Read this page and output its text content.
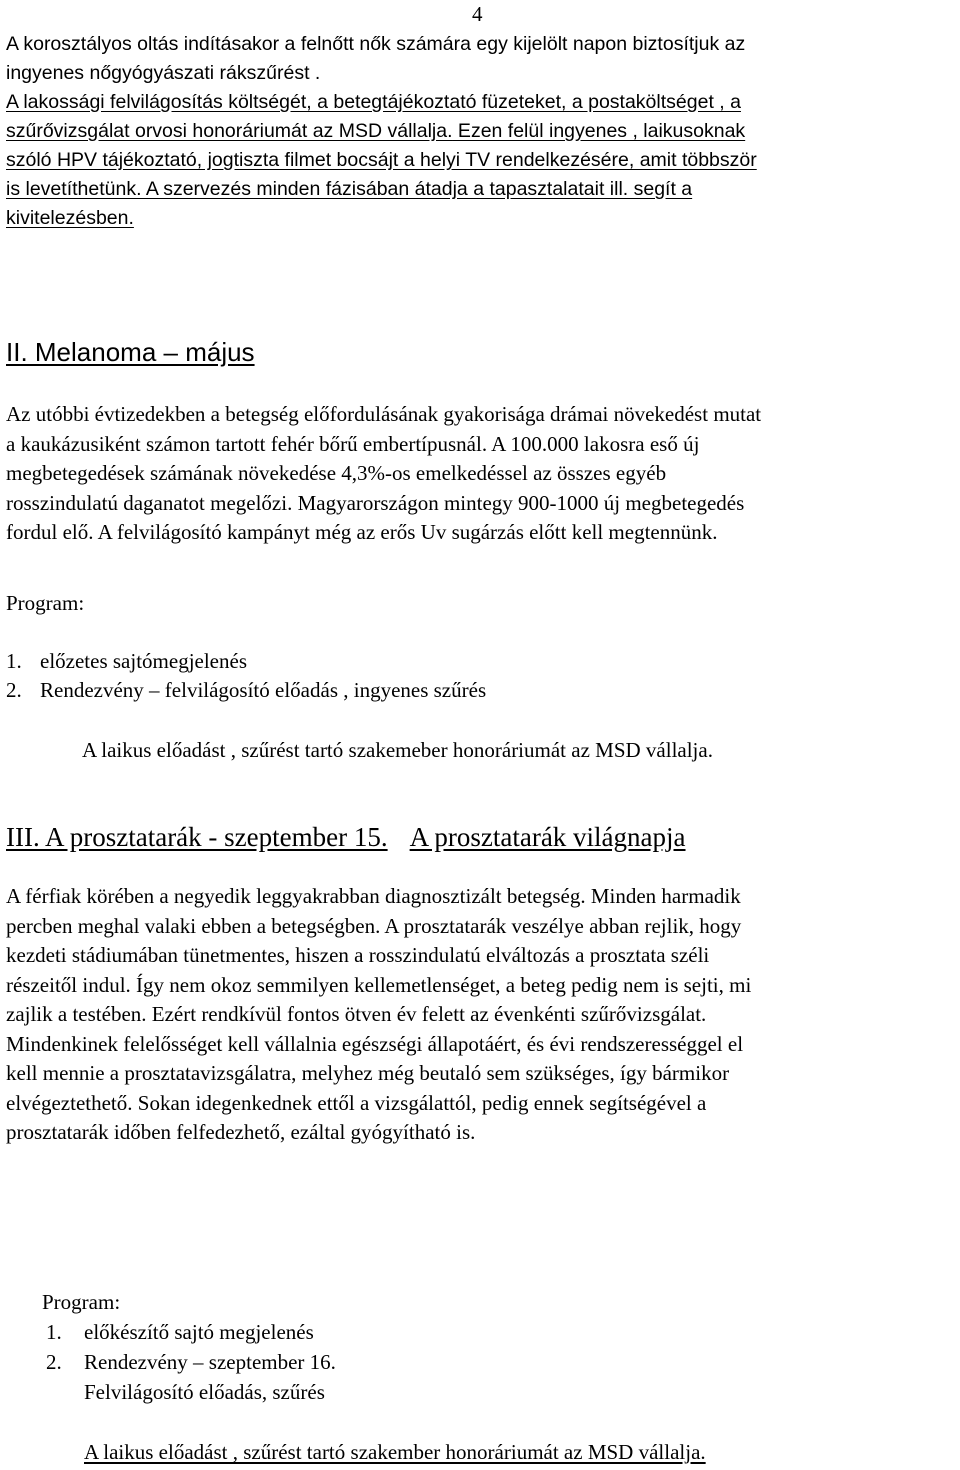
4
A korosztályos oltás indításakor a felnőtt nők számára egy kijelölt napon biztosítjuk az
ingyenes nőgyógyászati rákszűrést .
A lakossági felvilágosítás költségét, a betegtájékoztató füzeteket, a postaköltséget , a
szűrővizsgálat orvosi honoráriumát az MSD vállalja. Ezen felül ingyenes , laikusoknak
szóló HPV tájékoztató, jogtiszta filmet bocsájt a helyi TV rendelkezésére, amit többször
is levetíthetünk. A szervezés minden fázisában átadja a tapasztalatait ill. segít a
kivitelezésben.
II. Melanoma – május
Az utóbbi évtizedekben a betegség előfordulásának gyakorisága drámai növekedést mutat
a kaukázusiként számon tartott fehér bőrű embertípusnál. A 100.000 lakosra eső új
megbetegedések számának növekedése 4,3%-os emelkedéssel az összes egyéb
rosszindulatú daganatot megelőzi. Magyarországon mintegy 900-1000 új megbetegedés
fordul elő. A felvilágosító kampányt még az erős Uv sugárzás előtt kell megtennünk.
Program:
1. előzetes sajtómegjelenés
2. Rendezvény – felvilágosító előadás , ingyenes szűrés
A laikus előadást , szűrést tartó szakemeber honoráriumát az MSD vállalja.
III. A prosztatarák - szeptember 15. A prosztatarák világnapja
A férfiak körében a negyedik leggyakrabban diagnosztizált betegség. Minden harmadik
percben meghal valaki ebben a betegségben. A prosztatarák veszélye abban rejlik, hogy
kezdeti stádiumában tünetmentes, hiszen a rosszindulatú elváltozás a prosztata széli
részeitől indul. Így nem okoz semmilyen kellemetlenséget, a beteg pedig nem is sejti, mi
zajlik a testében. Ezért rendkívül fontos ötven év felett az évenkénti szűrővizsgálat.
Mindenkinek felelősséget kell vállalnia egészségi állapotáért, és évi rendszerességgel el
kell mennie a prosztatavizsgálatra, melyhez még beutaló sem szükséges, így bármikor
elvégeztethető. Sokan idegenkednek ettől a vizsgálattól, pedig ennek segítségével a
prosztatarák időben felfedezhető, ezáltal gyógyítható is.
Program:
1. előkészítő sajtó megjelenés
2. Rendezvény – szeptember 16.
Felvilágosító előadás, szűrés
A laikus előadást , szűrést tartó szakember honoráriumát az MSD vállalja.
